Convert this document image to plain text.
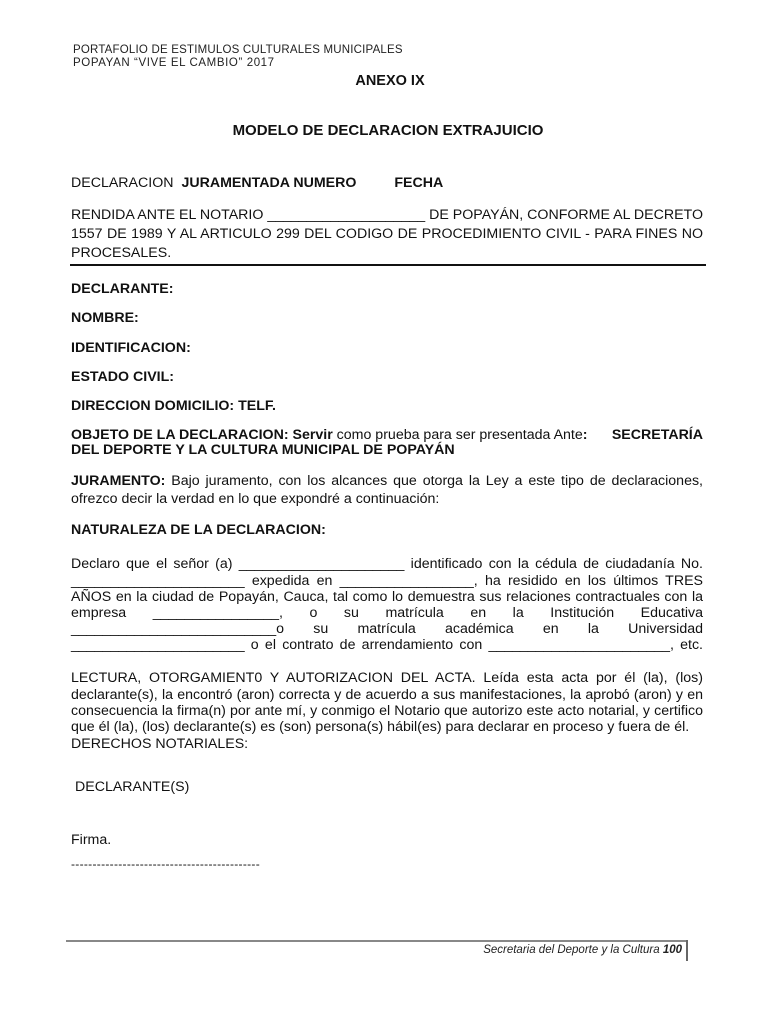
PORTAFOLIO DE ESTIMULOS CULTURALES MUNICIPALES
POPAYAN “VIVE EL CAMBIO” 2017
ANEXO IX
MODELO DE DECLARACION EXTRAJUICIO
DECLARACION JURAMENTADA NUMERO	FECHA
RENDIDA ANTE EL NOTARIO ____________________ DE POPAYÁN, CONFORME AL DECRETO
1557 DE 1989 Y AL ARTICULO 299 DEL CODIGO DE PROCEDIMIENTO CIVIL - PARA FINES NO
PROCESALES.
DECLARANTE:
NOMBRE:
IDENTIFICACION:
ESTADO CIVIL:
DIRECCION DOMICILIO: TELF.
OBJETO DE LA DECLARACION: Servir como prueba para ser presentada Ante: SECRETARÍA
DEL DEPORTE Y LA CULTURA MUNICIPAL DE POPAYÁN
JURAMENTO: Bajo juramento, con los alcances que otorga la Ley a este tipo de declaraciones,
ofrezco decir la verdad en lo que expondré a continuación:
NATURALEZA DE LA DECLARACION:
Declaro que el señor (a) _____________________ identificado con la cédula de ciudadanía No.
______________________ expedida en _________________, ha residido en los últimos TRES
AÑOS en la ciudad de Popayán, Cauca, tal como lo demuestra sus relaciones contractuales con la
empresa ________________, o su matrícula en la Institución Educativa
__________________________o su matrícula académica en la Universidad
______________________ o el contrato de arrendamiento con _______________________, etc.
LECTURA, OTORGAMIENT0 Y AUTORIZACION DEL ACTA. Leída esta acta por él (la), (los)
declarante(s), la encontró (aron) correcta y de acuerdo a sus manifestaciones, la aprobó (aron) y en
consecuencia la firma(n) por ante mí, y conmigo el Notario que autorizo este acto notarial, y certifico
que él (la), (los) declarante(s) es (son) persona(s) hábil(es) para declarar en proceso y fuera de él.
DERECHOS NOTARIALES:
DECLARANTE(S)
Firma.
--------------------------------------------
Secretaria del Deporte y la Cultura 100
